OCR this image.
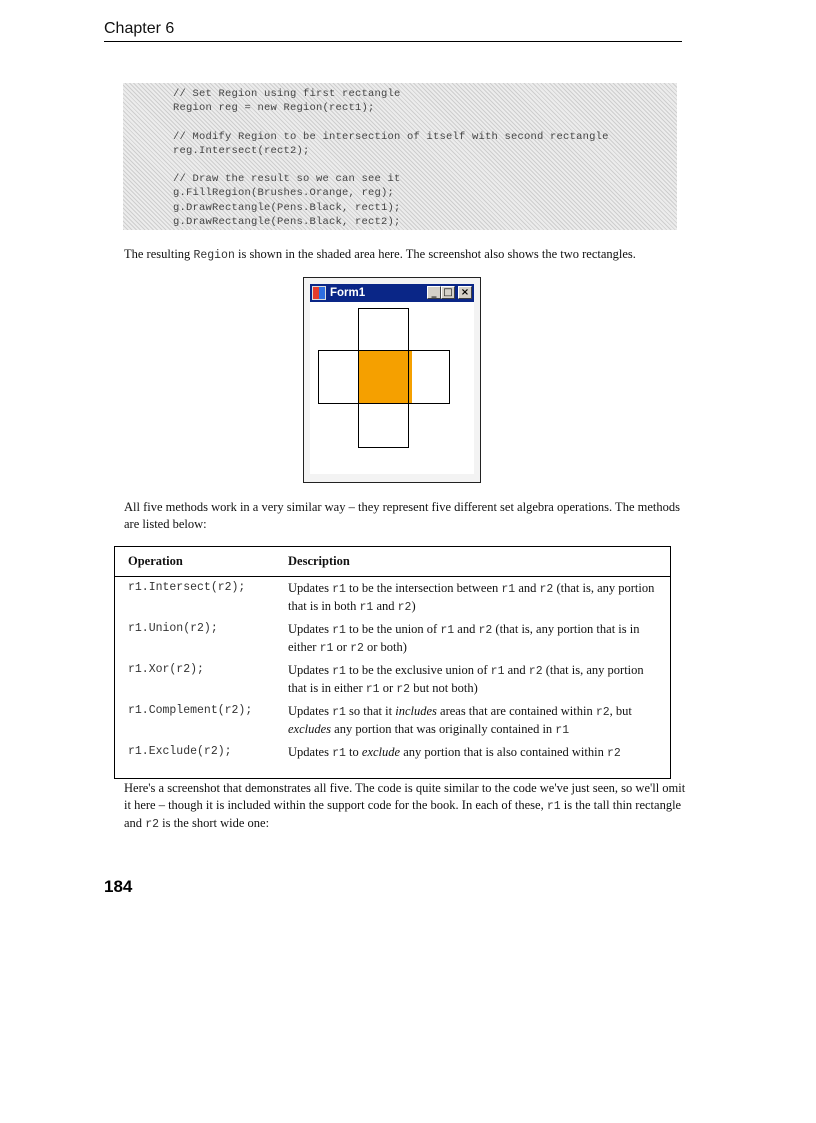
Chapter 6
// Set Region using first rectangle
Region reg = new Region(rect1);
// Modify Region to be intersection of itself with second rectangle
reg.Intersect(rect2);
// Draw the result so we can see it
g.FillRegion(Brushes.Orange, reg);
g.DrawRectangle(Pens.Black, rect1);
g.DrawRectangle(Pens.Black, rect2);
The resulting Region is shown in the shaded area here. The screenshot also shows the two rectangles.
Form1	_ □ ×
All five methods work in a very similar way – they represent five different set algebra operations. The methods are listed below:
Operation	Description
r1.Intersect(r2);	Updates r1 to be the intersection between r1 and r2 (that is, any portion that is in both r1 and r2)
r1.Union(r2);	Updates r1 to be the union of r1 and r2 (that is, any portion that is in either r1 or r2 or both)
r1.Xor(r2);	Updates r1 to be the exclusive union of r1 and r2 (that is, any portion that is in either r1 or r2 but not both)
r1.Complement(r2);	Updates r1 so that it includes areas that are contained within r2, but excludes any portion that was originally contained in r1
r1.Exclude(r2);	Updates r1 to exclude any portion that is also contained within r2
Here's a screenshot that demonstrates all five. The code is quite similar to the code we've just seen, so we'll omit it here – though it is included within the support code for the book. In each of these, r1 is the tall thin rectangle and r2 is the short wide one:
184
